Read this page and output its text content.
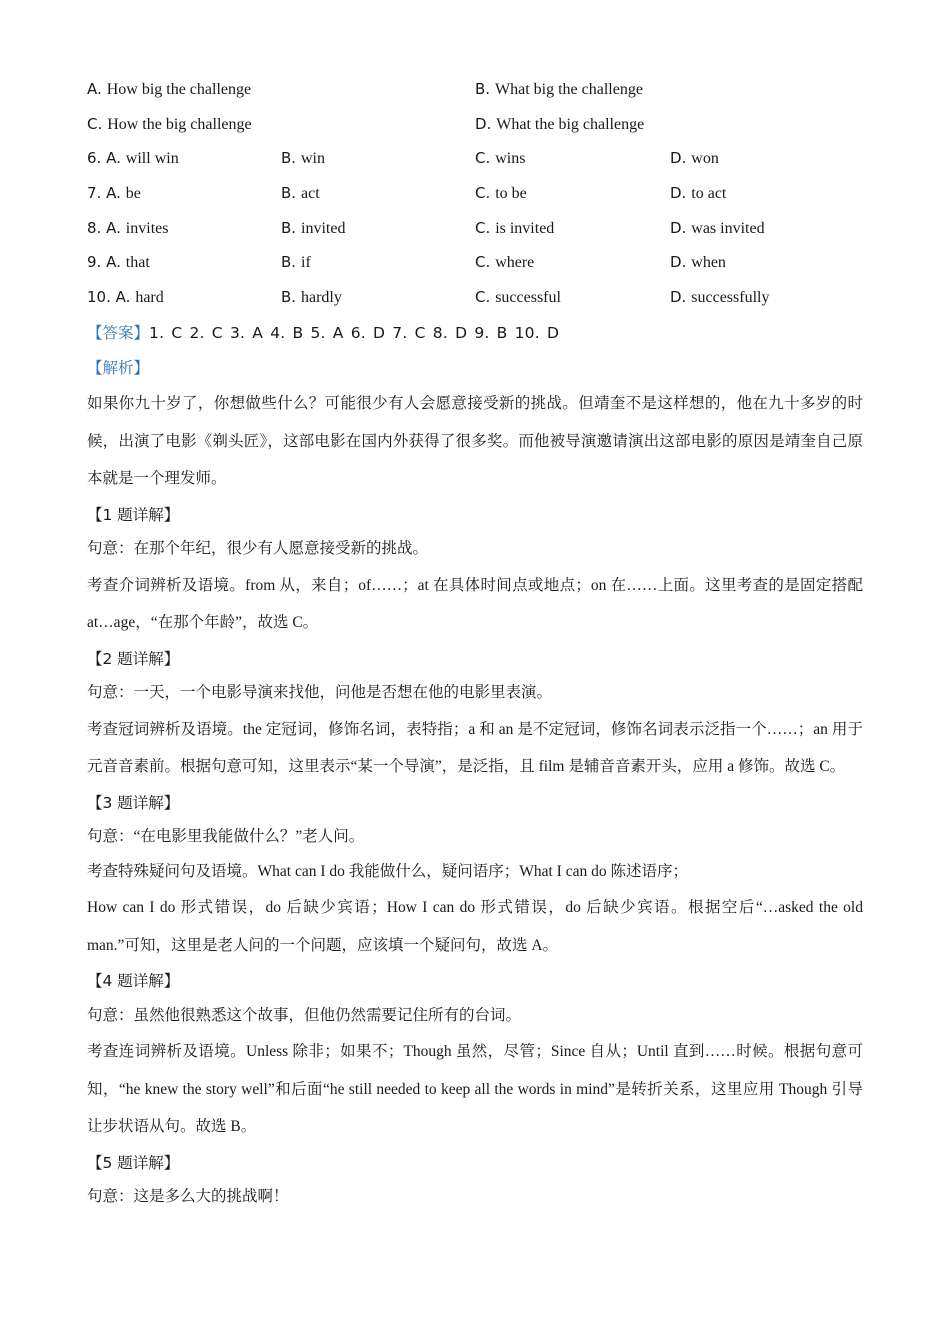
A. How big the challenge	B. What big the challenge
C. How the big challenge	D. What the big challenge
6. A. will win	B. win	C. wins	D. won
7. A. be	B. act	C. to be	D. to act
8. A. invites	B. invited	C. is invited	D. was invited
9. A. that	B. if	C. where	D. when
10. A. hard	B. hardly	C. successful	D. successfully
【答案】1. C 2. C 3. A 4. B 5. A 6. D 7. C 8. D 9. B 10. D
【解析】

如果你九十岁了，你想做些什么？可能很少有人会愿意接受新的挑战。但靖奎不是这样想的，他在九十多岁的时候，出演了电影《剃头匠》，这部电影在国内外获得了很多奖。而他被导演邀请演出这部电影的原因是靖奎自己原本就是一个理发师。

【1 题详解】

句意：在那个年纪，很少有人愿意接受新的挑战。

考查介词辨析及语境。from 从，来自；of……；at 在具体时间点或地点；on 在……上面。这里考查的是固定搭配 at…age，“在那个年龄”，故选 C。

【2 题详解】

句意：一天，一个电影导演来找他，问他是否想在他的电影里表演。

考查冠词辨析及语境。the 定冠词，修饰名词，表特指；a 和 an 是不定冠词，修饰名词表示泛指一个……；an 用于元音音素前。根据句意可知，这里表示“某一个导演”，是泛指，且 film 是辅音音素开头，应用 a 修饰。故选 C。

【3 题详解】

句意：“在电影里我能做什么？”老人问。

考查特殊疑问句及语境。What can I do 我能做什么，疑问语序；What I can do 陈述语序；

How can I do 形式错误，do 后缺少宾语；How I can do 形式错误，do 后缺少宾语。根据空后“…asked the old man.”可知，这里是老人问的一个问题，应该填一个疑问句，故选 A。

【4 题详解】

句意：虽然他很熟悉这个故事，但他仍然需要记住所有的台词。

考查连词辨析及语境。Unless 除非；如果不；Though 虽然，尽管；Since 自从；Until 直到……时候。根据句意可知，“he knew the story well”和后面“he still needed to keep all the words in mind”是转折关系，这里应用 Though 引导让步状语从句。故选 B。

【5 题详解】

句意：这是多么大的挑战啊！
